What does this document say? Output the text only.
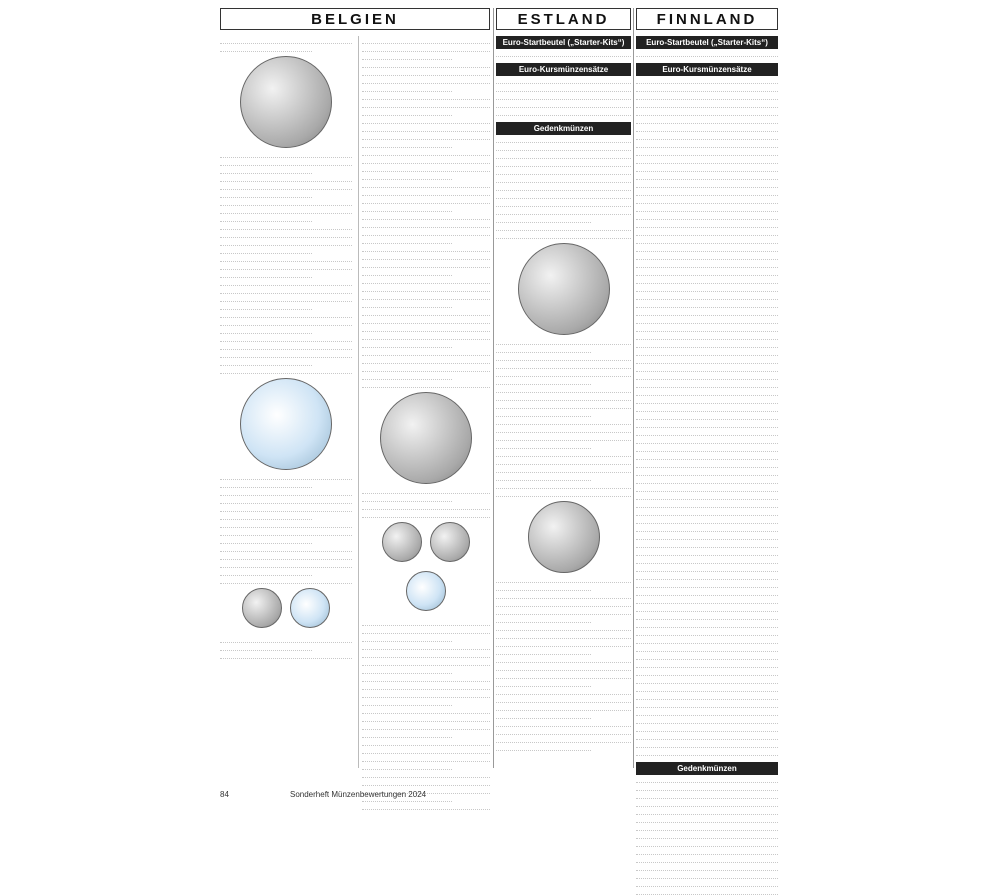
BELGIEN

	ESTLAND
Euro-Startbeutel („Starter-Kits“)
Euro-Kursmünzensätze
Gedenkmünzen
FINNLAND
Euro-Startbeutel („Starter-Kits“)
Euro-Kursmünzensätze
Gedenkmünzen
84	Sonderheft Münzenbewertungen 2024
